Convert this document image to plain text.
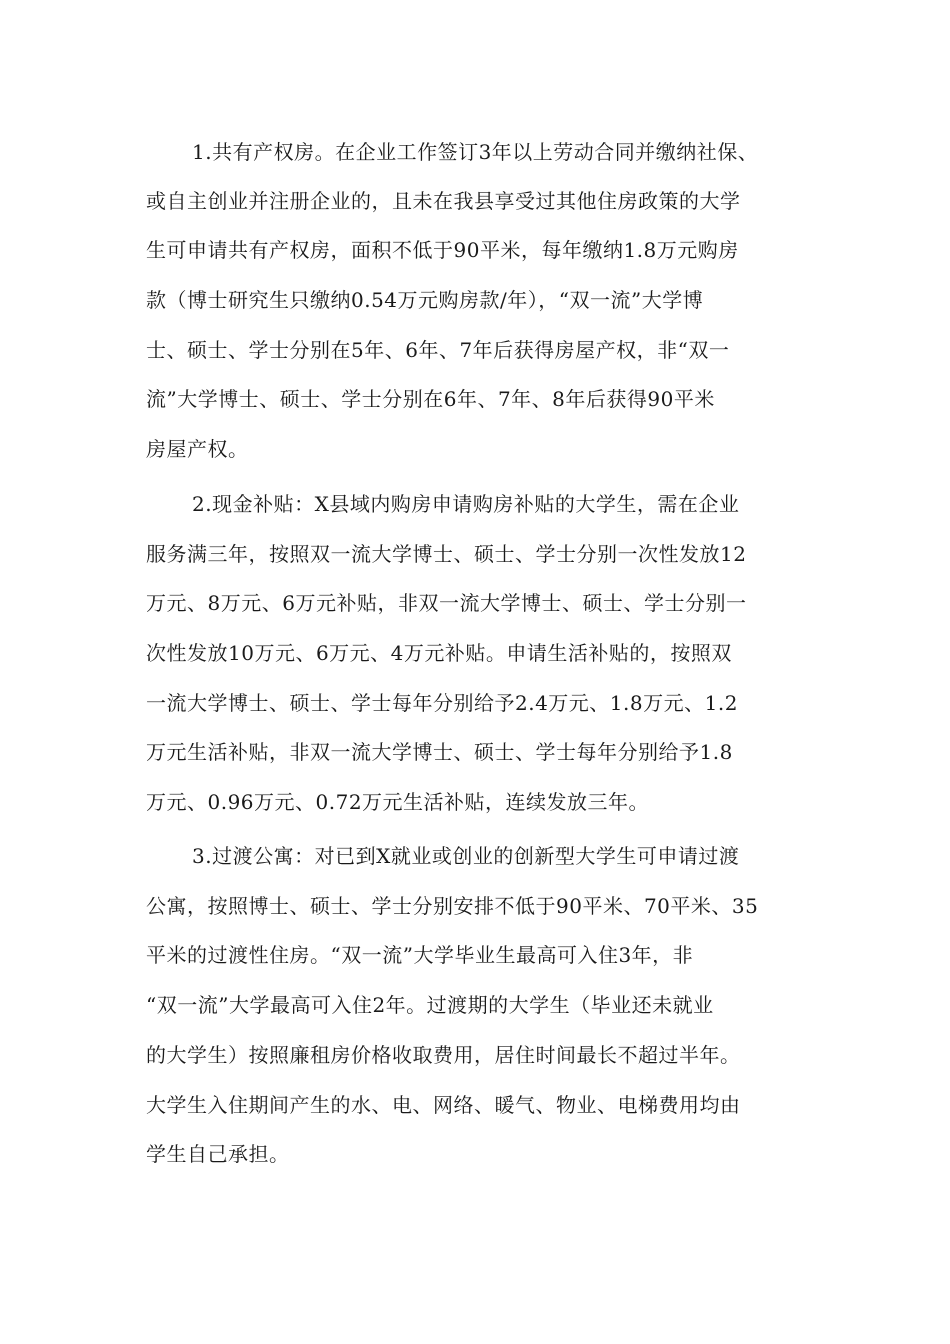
1.共有产权房。在企业工作签订3年以上劳动合同并缴纳社保、
或自主创业并注册企业的，且未在我县享受过其他住房政策的大学
生可申请共有产权房，面积不低于90平米，每年缴纳1.8万元购房
款（博士研究生只缴纳0.54万元购房款/年），“双一流”大学博
士、硕士、学士分别在5年、6年、7年后获得房屋产权，非“双一
流”大学博士、硕士、学士分别在6年、7年、8年后获得90平米
房屋产权。
2.现金补贴：X县域内购房申请购房补贴的大学生，需在企业
服务满三年，按照双一流大学博士、硕士、学士分别一次性发放12
万元、8万元、6万元补贴，非双一流大学博士、硕士、学士分别一
次性发放10万元、6万元、4万元补贴。申请生活补贴的，按照双
一流大学博士、硕士、学士每年分别给予2.4万元、1.8万元、1.2
万元生活补贴，非双一流大学博士、硕士、学士每年分别给予1.8
万元、0.96万元、0.72万元生活补贴，连续发放三年。
3.过渡公寓：对已到X就业或创业的创新型大学生可申请过渡
公寓，按照博士、硕士、学士分别安排不低于90平米、70平米、35
平米的过渡性住房。“双一流”大学毕业生最高可入住3年，非
“双一流”大学最高可入住2年。过渡期的大学生（毕业还未就业
的大学生）按照廉租房价格收取费用，居住时间最长不超过半年。
大学生入住期间产生的水、电、网络、暖气、物业、电梯费用均由
学生自己承担。
